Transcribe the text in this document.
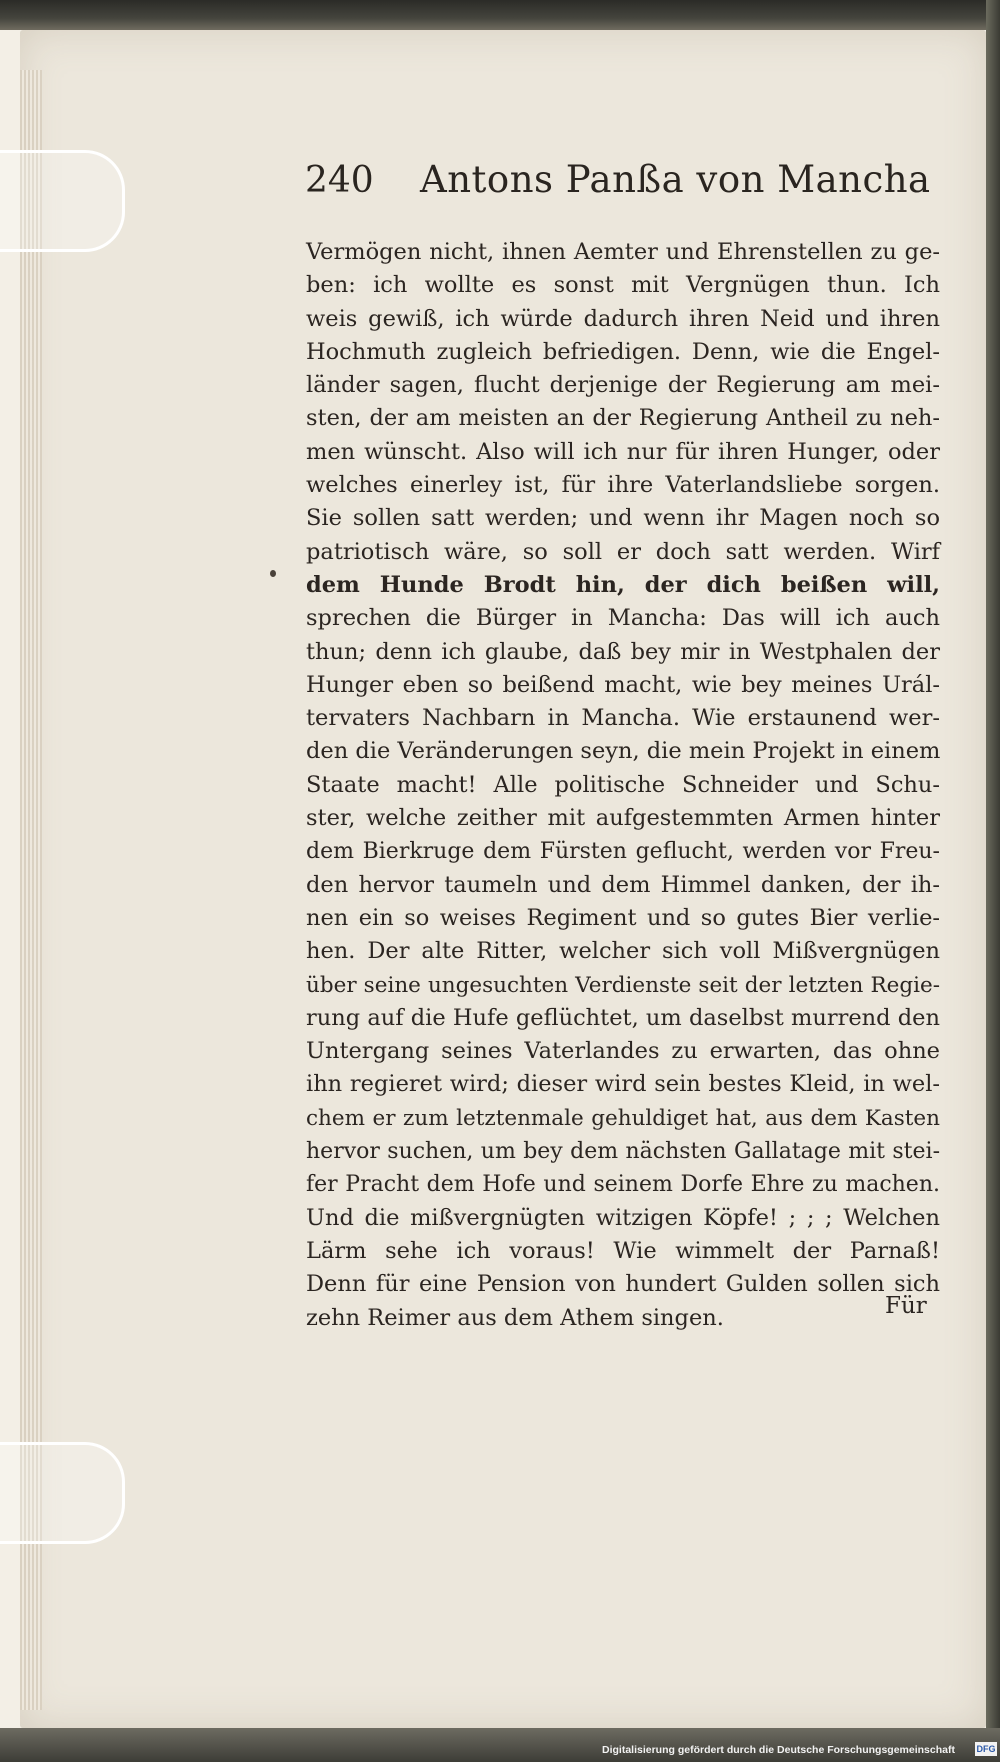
240 Antons Panßa von Mancha
Vermögen nicht, ihnen Aemter und Ehrenstellen zu ge-
ben: ich wollte es sonst mit Vergnügen thun. Ich
weis gewiß, ich würde dadurch ihren Neid und ihren
Hochmuth zugleich befriedigen. Denn, wie die Engel-
länder sagen, flucht derjenige der Regierung am mei-
sten, der am meisten an der Regierung Antheil zu neh-
men wünscht. Also will ich nur für ihren Hunger, oder
welches einerley ist, für ihre Vaterlandsliebe sorgen.
Sie sollen satt werden; und wenn ihr Magen noch so
patriotisch wäre, so soll er doch satt werden. Wirf
dem Hunde Brodt hin, der dich beißen will,
sprechen die Bürger in Mancha: Das will ich auch
thun; denn ich glaube, daß bey mir in Westphalen der
Hunger eben so beißend macht, wie bey meines Urál-
tervaters Nachbarn in Mancha. Wie erstaunend wer-
den die Veränderungen seyn, die mein Projekt in einem
Staate macht! Alle politische Schneider und Schu-
ster, welche zeither mit aufgestemmten Armen hinter
dem Bierkruge dem Fürsten geflucht, werden vor Freu-
den hervor taumeln und dem Himmel danken, der ih-
nen ein so weises Regiment und so gutes Bier verlie-
hen. Der alte Ritter, welcher sich voll Mißvergnügen
über seine ungesuchten Verdienste seit der letzten Regie-
rung auf die Hufe geflüchtet, um daselbst murrend den
Untergang seines Vaterlandes zu erwarten, das ohne
ihn regieret wird; dieser wird sein bestes Kleid, in wel-
chem er zum letztenmale gehuldiget hat, aus dem Kasten
hervor suchen, um bey dem nächsten Gallatage mit stei-
fer Pracht dem Hofe und seinem Dorfe Ehre zu machen.
Und die mißvergnügten witzigen Köpfe! ; ; ; Welchen
Lärm sehe ich voraus! Wie wimmelt der Parnaß!
Denn für eine Pension von hundert Gulden sollen sich
zehn Reimer aus dem Athem singen.	Für
Digitalisierung gefördert durch die Deutsche Forschungsgemeinschaft DFG
